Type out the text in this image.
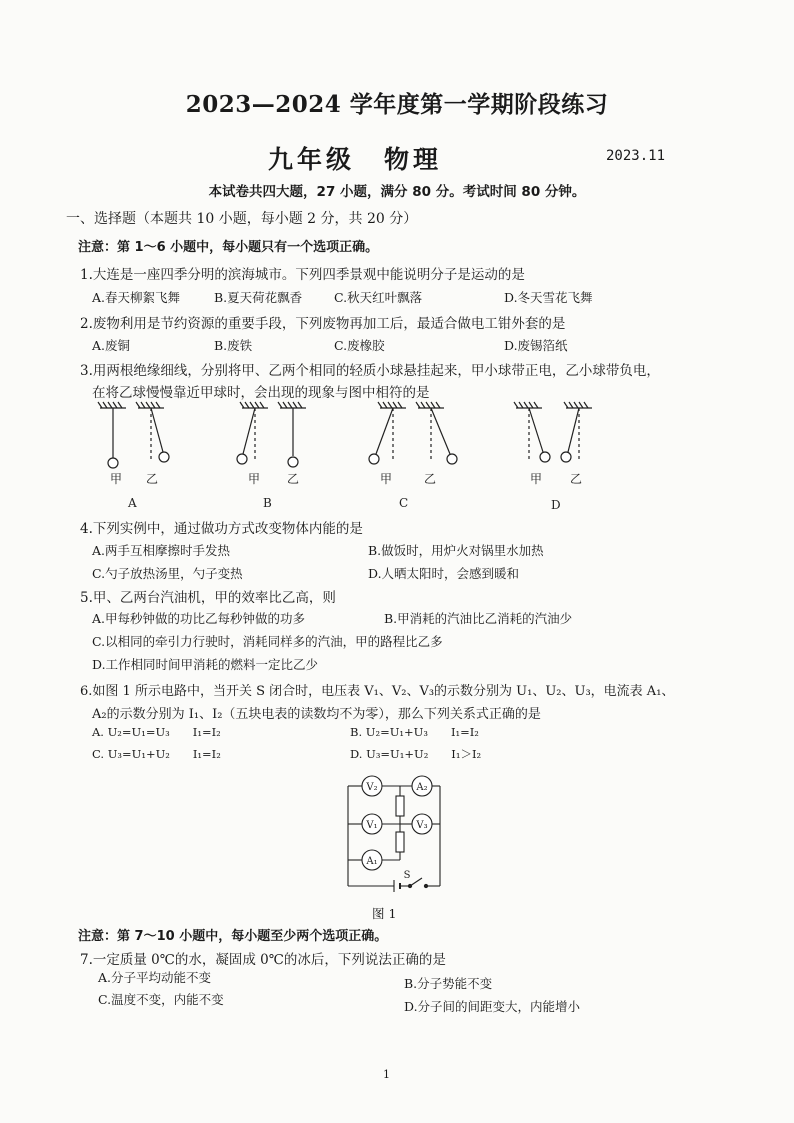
2023—2024 学年度第一学期阶段练习
九年级　物理	2023.11
本试卷共四大题，27 小题，满分 80 分。考试时间 80 分钟。
一、选择题（本题共 10 小题，每小题 2 分，共 20 分）
注意：第 1～6 小题中，每小题只有一个选项正确。
1.大连是一座四季分明的滨海城市。下列四季景观中能说明分子是运动的是
A.春天柳絮飞舞	B.夏天荷花飘香	C.秋天红叶飘落	D.冬天雪花飞舞
2.废物利用是节约资源的重要手段，下列废物再加工后，最适合做电工钳外套的是
A.废铜	B.废铁	C.废橡胶	D.废锡箔纸
3.用两根绝缘细线，分别将甲、乙两个相同的轻质小球悬挂起来，甲小球带正电，乙小球带负电，
在将乙球慢慢靠近甲球时，会出现的现象与图中相符的是
甲 乙	甲 乙	甲	乙	甲 乙
A	B	C	D
4.下列实例中，通过做功方式改变物体内能的是
A.两手互相摩擦时手发热	B.做饭时，用炉火对锅里水加热
C.勺子放热汤里，勺子变热	D.人晒太阳时，会感到暖和
5.甲、乙两台汽油机，甲的效率比乙高，则
A.甲每秒钟做的功比乙每秒钟做的功多	B.甲消耗的汽油比乙消耗的汽油少
C.以相同的牵引力行驶时，消耗同样多的汽油，甲的路程比乙多
D.工作相同时间甲消耗的燃料一定比乙少
6.如图 1 所示电路中，当开关 S 闭合时，电压表 V₁、V₂、V₃的示数分别为 U₁、U₂、U₃，电流表 A₁、
A₂的示数分别为 I₁、I₂（五块电表的读数均不为零），那么下列关系式正确的是
A. U₂=U₁=U₃　　I₁=I₂	B. U₂=U₁+U₃　　I₁=I₂
C. U₃=U₁+U₂　　I₁=I₂	D. U₃=U₁+U₂　　I₁＞I₂
V₂	A₂
V₁	V₃
A₁
S
图 1
注意：第 7～10 小题中，每小题至少两个选项正确。
7.一定质量 0℃的水，凝固成 0℃的冰后，下列说法正确的是
A.分子平均动能不变	B.分子势能不变
C.温度不变，内能不变	D.分子间的间距变大，内能增小
1
